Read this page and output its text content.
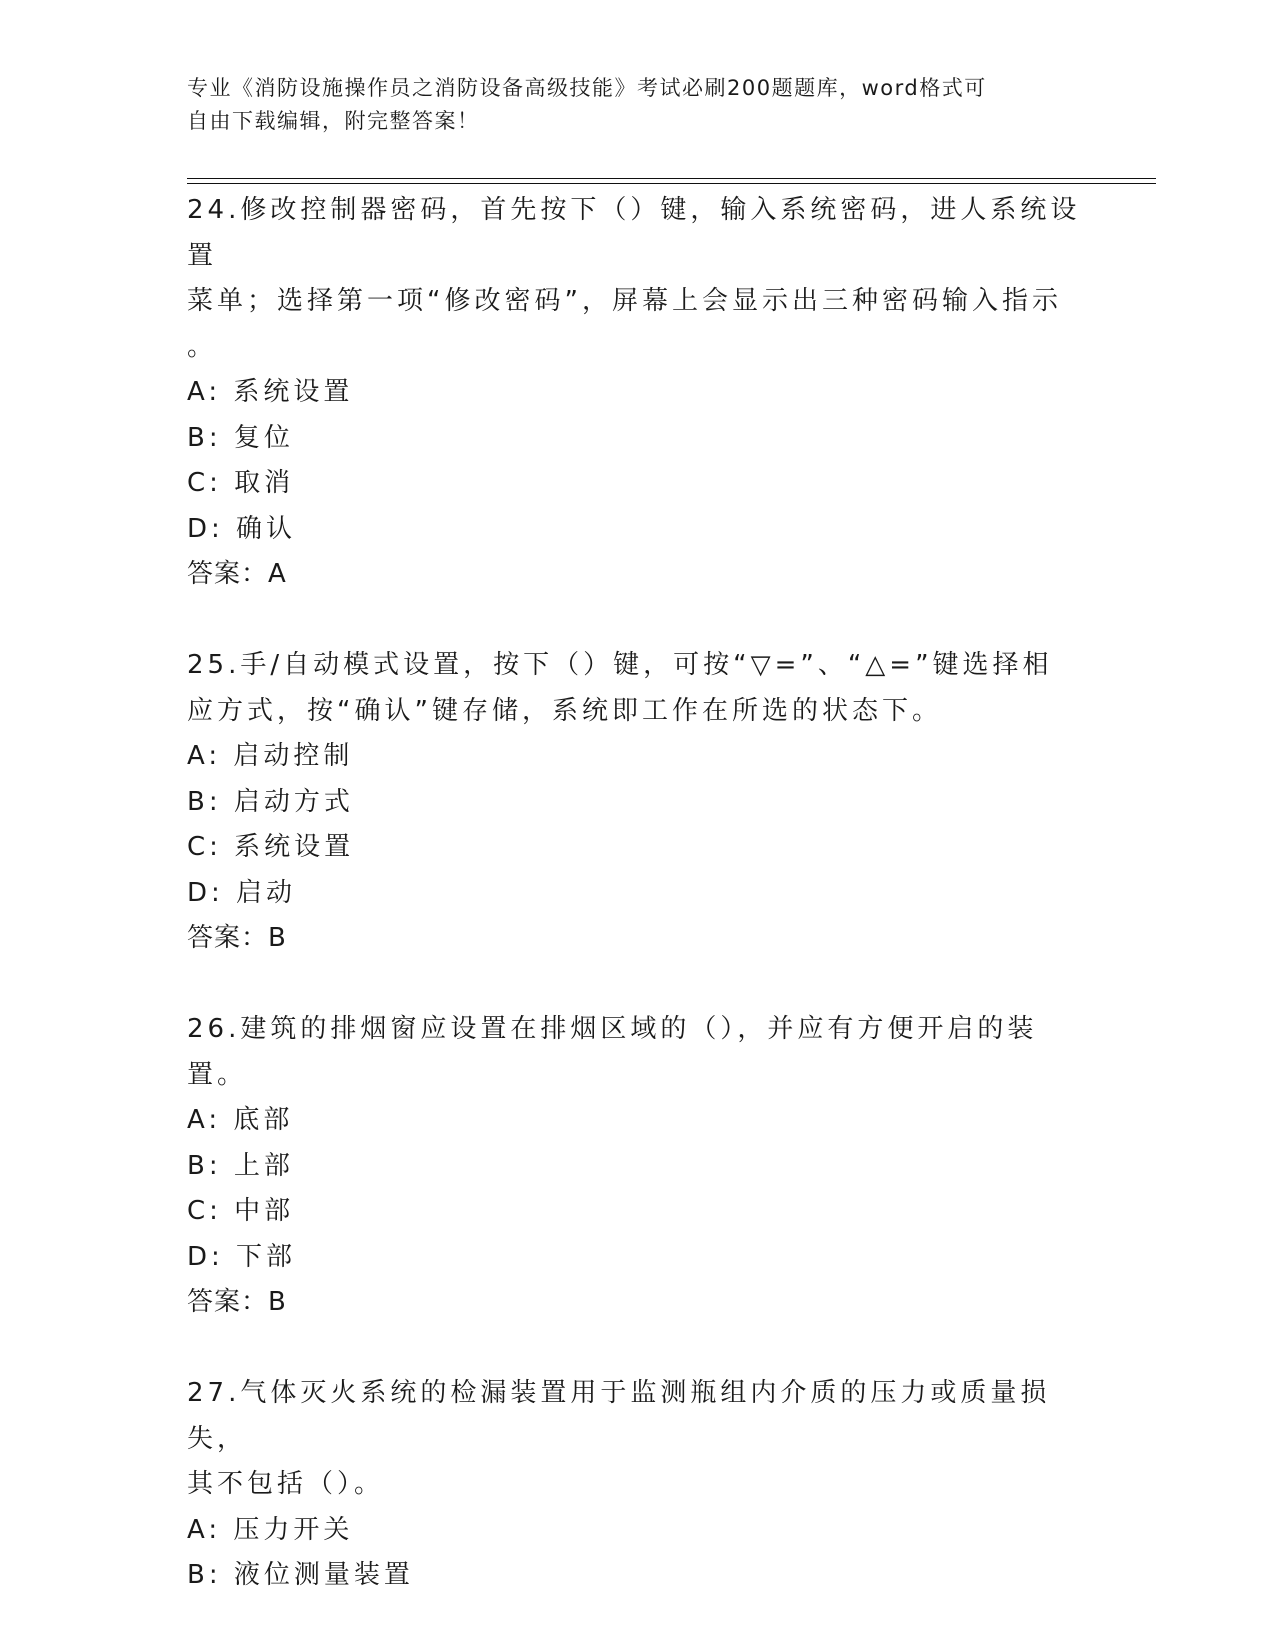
专业《消防设施操作员之消防设备高级技能》考试必刷200题题库，word格式可
自由下载编辑，附完整答案！
24.修改控制器密码，首先按下（）键，输入系统密码，进人系统设置
菜单；选择第一项“修改密码”，屏幕上会显示出三种密码输入指示
。
A: 系统设置
B: 复位
C: 取消
D: 确认
答案：A
25.手/自动模式设置，按下（）键，可按“▽=”、“△=”键选择相
应方式，按“确认”键存储，系统即工作在所选的状态下。
A: 启动控制
B: 启动方式
C: 系统设置
D: 启动
答案：B
26.建筑的排烟窗应设置在排烟区域的（），并应有方便开启的装置。
A: 底部
B: 上部
C: 中部
D: 下部
答案：B
27.气体灭火系统的检漏装置用于监测瓶组内介质的压力或质量损失，
其不包括（）。
A: 压力开关
B: 液位测量装置
